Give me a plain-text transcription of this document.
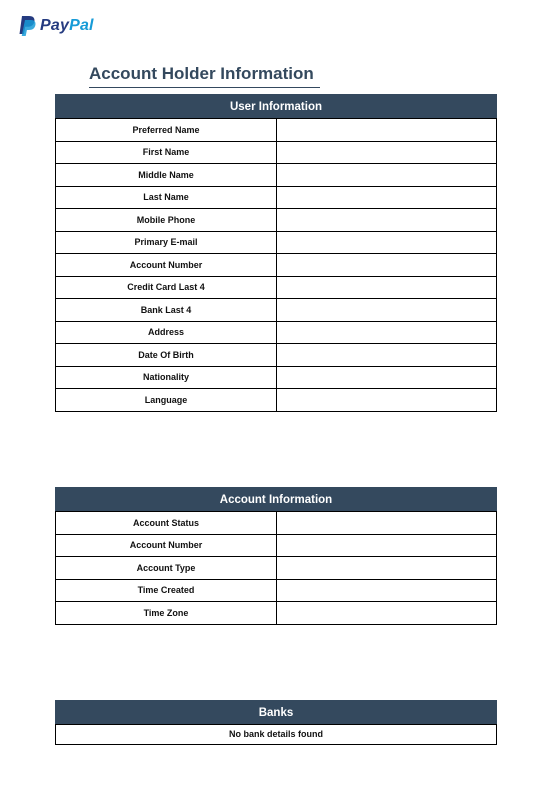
PayPal
Account Holder Information
User Information
Preferred Name	
First Name	
Middle Name	
Last Name	
Mobile Phone	
Primary E-mail	
Account Number	
Credit Card Last 4	
Bank Last 4	
Address	
Date Of Birth	
Nationality	
Language	
Account Information
Account Status	
Account Number	
Account Type	
Time Created	
Time Zone	
Banks
No bank details found
